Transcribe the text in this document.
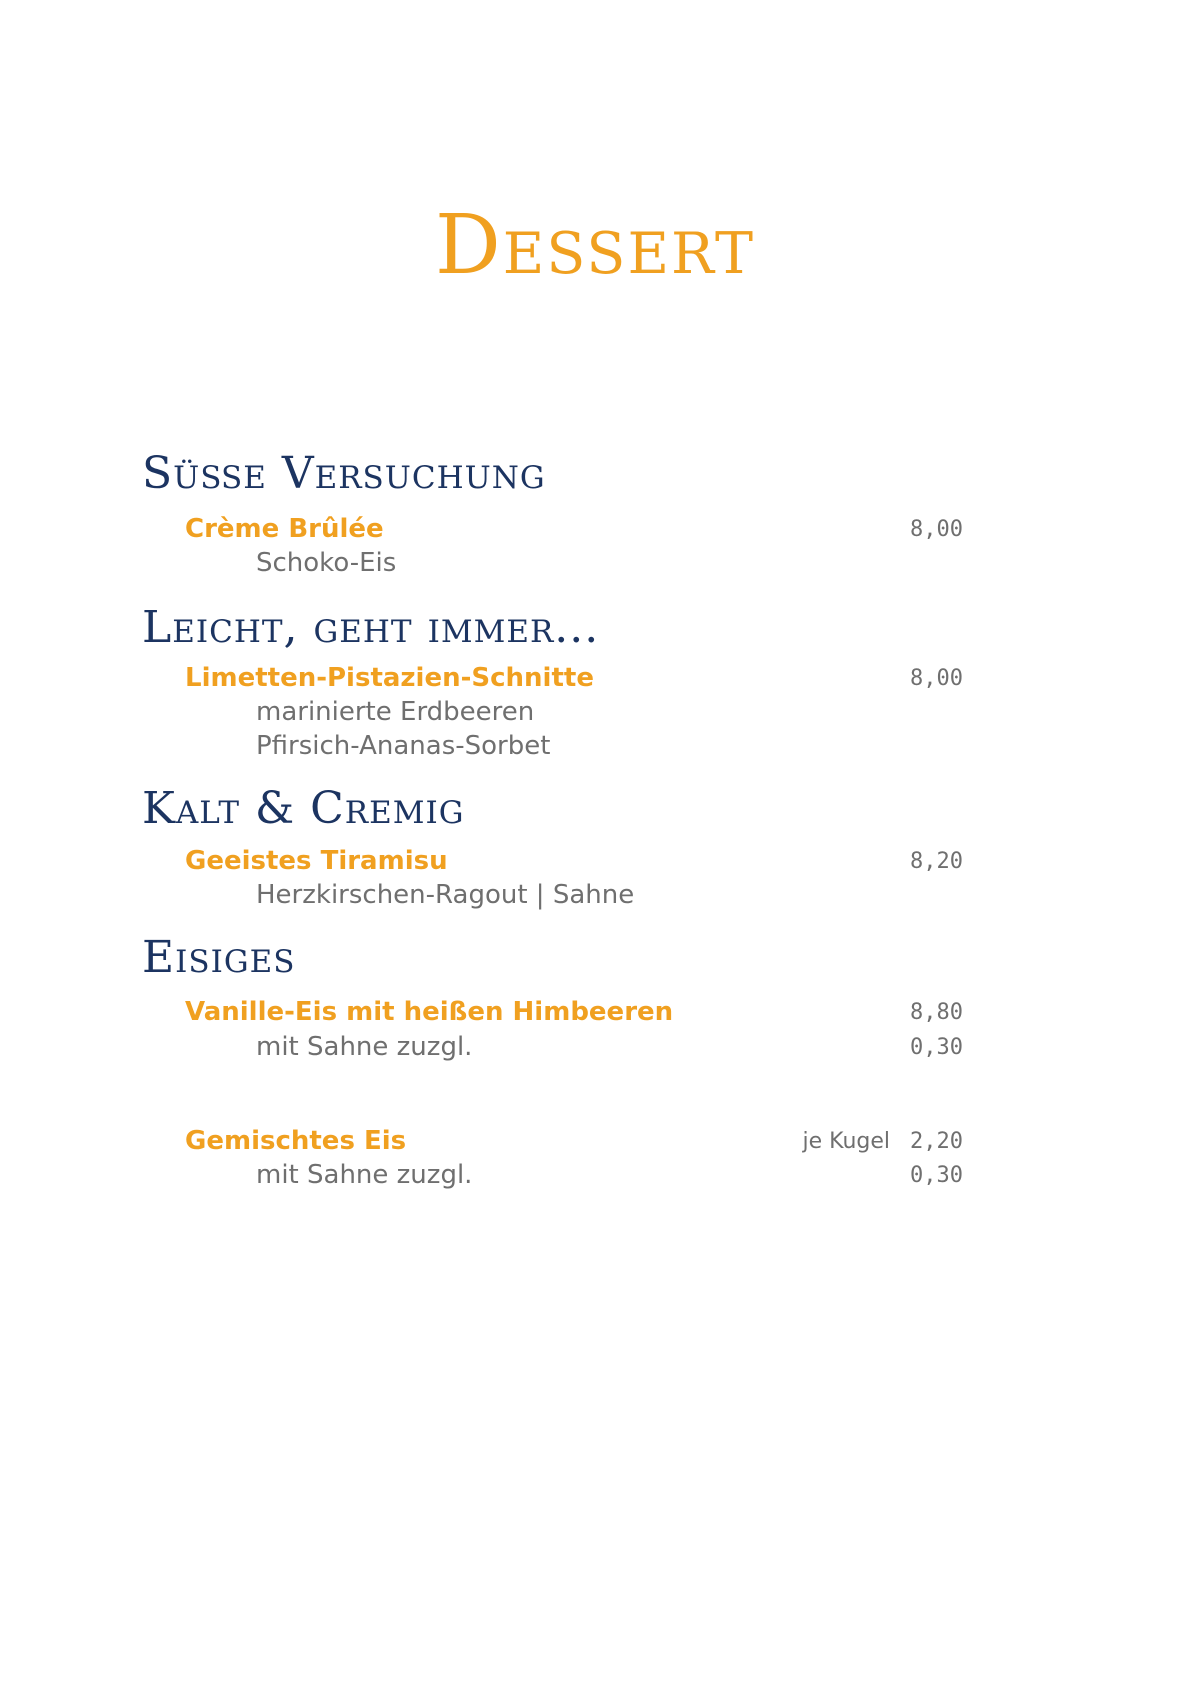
Dessert
Süße Versuchung
Crème Brûlée	8,00
Schoko-Eis
Leicht, geht immer...
Limetten-Pistazien-Schnitte	8,00
marinierte Erdbeeren
Pfirsich-Ananas-Sorbet
Kalt & Cremig
Geeistes Tiramisu	8,20
Herzkirschen-Ragout | Sahne
Eisiges
Vanille-Eis mit heißen Himbeeren	8,80
mit Sahne zuzgl.	0,30
Gemischtes Eis	je Kugel 2,20
mit Sahne zuzgl.	0,30
